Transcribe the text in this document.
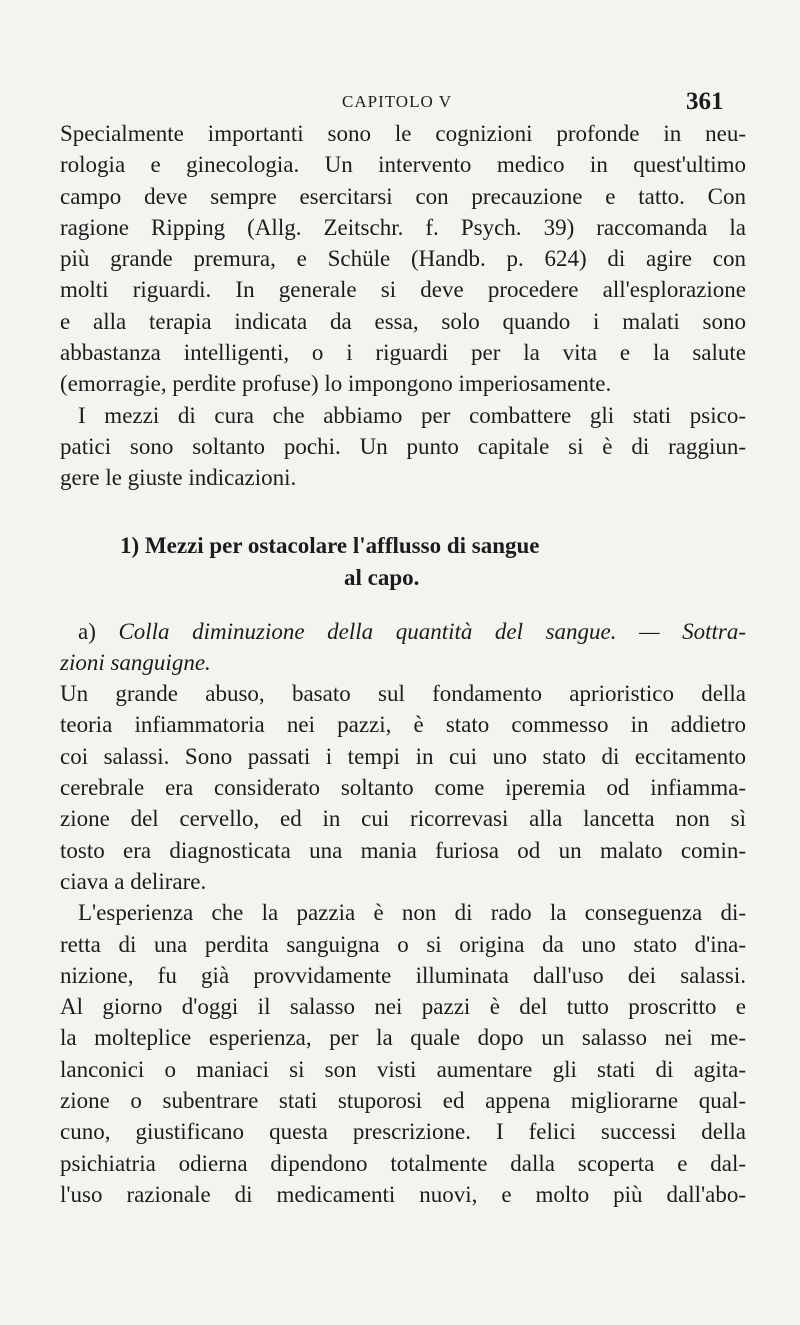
CAPITOLO V	361
Specialmente importanti sono le cognizioni profonde in neu-
rologia e ginecologia. Un intervento medico in quest'ultimo
campo deve sempre esercitarsi con precauzione e tatto. Con
ragione Ripping (Allg. Zeitschr. f. Psych. 39) raccomanda la
più grande premura, e Schüle (Handb. p. 624) di agire con
molti riguardi. In generale si deve procedere all'esplorazione
e alla terapia indicata da essa, solo quando i malati sono
abbastanza intelligenti, o i riguardi per la vita e la salute
(emorragie, perdite profuse) lo impongono imperiosamente.
I mezzi di cura che abbiamo per combattere gli stati psico-
patici sono soltanto pochi. Un punto capitale si è di raggiun-
gere le giuste indicazioni.
1) Mezzi per ostacolare l'afflusso di sangue
al capo.
a) Colla diminuzione della quantità del sangue. — Sottra-
zioni sanguigne.
Un grande abuso, basato sul fondamento aprioristico della
teoria infiammatoria nei pazzi, è stato commesso in addietro
coi salassi. Sono passati i tempi in cui uno stato di eccitamento
cerebrale era considerato soltanto come iperemia od infiamma-
zione del cervello, ed in cui ricorrevasi alla lancetta non sì
tosto era diagnosticata una mania furiosa od un malato comin-
ciava a delirare.
L'esperienza che la pazzia è non di rado la conseguenza di-
retta di una perdita sanguigna o si origina da uno stato d'ina-
nizione, fu già provvidamente illuminata dall'uso dei salassi.
Al giorno d'oggi il salasso nei pazzi è del tutto proscritto e
la molteplice esperienza, per la quale dopo un salasso nei me-
lanconici o maniaci si son visti aumentare gli stati di agita-
zione o subentrare stati stuporosi ed appena migliorarne qual-
cuno, giustificano questa prescrizione. I felici successi della
psichiatria odierna dipendono totalmente dalla scoperta e dal-
l'uso razionale di medicamenti nuovi, e molto più dall'abo-
